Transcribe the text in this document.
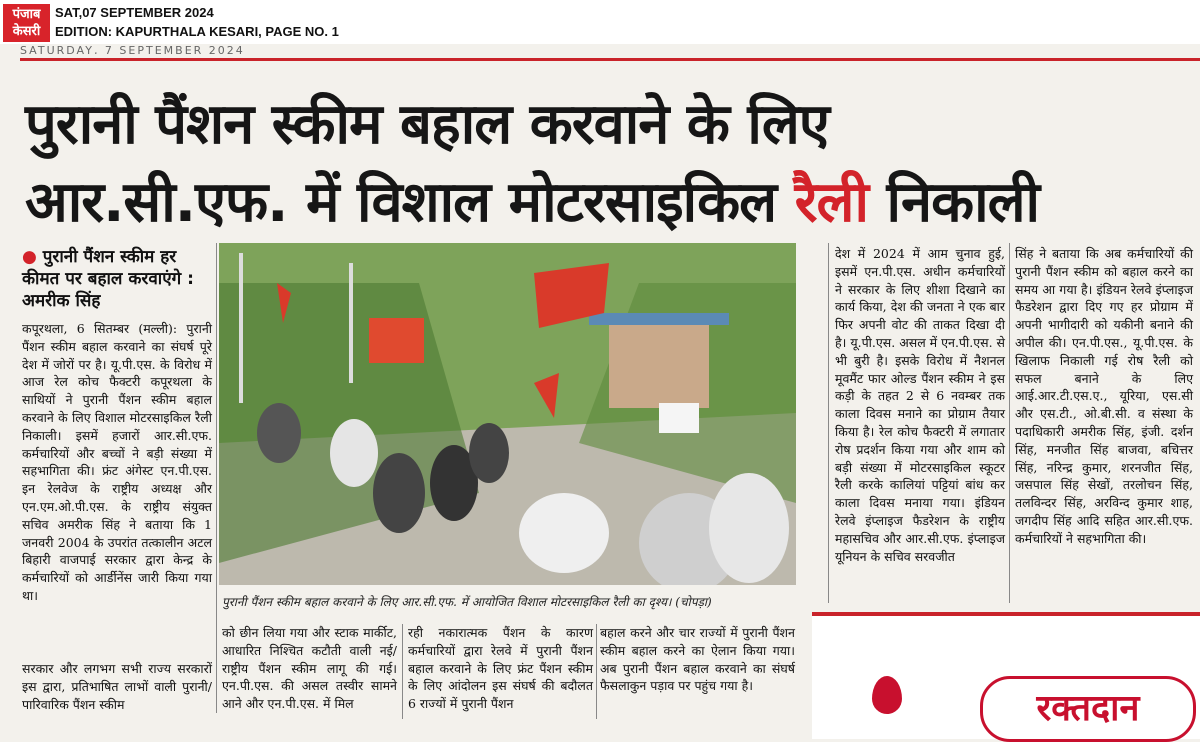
पंजाब
केसरी
SAT,07 SEPTEMBER 2024
EDITION: KAPURTHALA KESARI, PAGE NO. 1
SATURDAY, 7 SEPTEMBER 2024
पुरानी पैंशन स्कीम बहाल करवाने के लिए
आर.सी.एफ. में विशाल मोटरसाइकिल रैली निकाली
● पुरानी पैंशन स्कीम हर कीमत पर बहाल करवाएंगे : अमरीक सिंह
कपूरथला, 6 सितम्बर (मल्ली): पुरानी पैंशन स्कीम बहाल करवाने का संघर्ष पूरे देश में जोरों पर है। यू.पी.एस. के विरोध में आज रेल कोच फैक्टरी कपूरथला के साथियों ने पुरानी पैंशन स्कीम बहाल करवाने के लिए विशाल मोटरसाइकिल रैली निकाली। इसमें हजारों आर.सी.एफ. कर्मचारियों और बच्चों ने बड़ी संख्या में सहभागिता की। फ्रंट अंगेस्ट एन.पी.एस. इन रेलवेज के राष्ट्रीय अध्यक्ष और एन.एम.ओ.पी.एस. के राष्ट्रीय संयुक्त सचिव अमरीक सिंह ने बताया कि 1 जनवरी 2004 के उपरांत तत्कालीन अटल बिहारी वाजपाई सरकार द्वारा केन्द्र के कर्मचारियों को आर्डीनेंस जारी किया गया था।
सरकार और लगभग सभी राज्य सरकारों इस द्वारा, प्रतिभाषित लाभों वाली पुरानी/ पारिवारिक पैंशन स्कीम
पुरानी पैंशन स्कीम बहाल करवाने के लिए आर.सी.एफ. में आयोजित विशाल मोटरसाइकिल रैली का दृश्य। (चोपड़ा)
को छीन लिया गया और स्टाक मार्कीट, आधारित निश्चित कटौती वाली नई/राष्ट्रीय पैंशन स्कीम लागू की गई। एन.पी.एस. की असल तस्वीर सामने आने और एन.पी.एस. में मिल
रही नकारात्मक पैंशन के कारण कर्मचारियों द्वारा रेलवे में पुरानी पैंशन बहाल करवाने के लिए फ्रंट पैंशन स्कीम के लिए आंदोलन इस संघर्ष की बदौलत 6 राज्यों में पुरानी पैंशन
बहाल करने और चार राज्यों में पुरानी पैंशन स्कीम बहाल करने का ऐलान किया गया। अब पुरानी पैंशन बहाल करवाने का संघर्ष फैसलाकुन पड़ाव पर पहुंच गया है।
देश में 2024 में आम चुनाव हुई, इसमें एन.पी.एस. अधीन कर्मचारियों ने सरकार के लिए शीशा दिखाने का कार्य किया, देश की जनता ने एक बार फिर अपनी वोट की ताकत दिखा दी है। यू.पी.एस. असल में एन.पी.एस. से भी बुरी है। इसके विरोध में नैशनल मूवमैंट फार ओल्ड पैंशन स्कीम ने इस कड़ी के तहत 2 से 6 नवम्बर तक काला दिवस मनाने का प्रोग्राम तैयार किया है। रेल कोच फैक्टरी में लगातार रोष प्रदर्शन किया गया और शाम को बड़ी संख्या में मोटरसाइकिल स्कूटर रैली करके कालियां पट्टियां बांध कर काला दिवस मनाया गया। इंडियन रेलवे इंप्लाइज फैडरेशन के राष्ट्रीय महासचिव और आर.सी.एफ. इंप्लाइज यूनियन के सचिव सरवजीत
सिंह ने बताया कि अब कर्मचारियों की पुरानी पैंशन स्कीम को बहाल करने का समय आ गया है। इंडियन रेलवे इंप्लाइज फैडरेशन द्वारा दिए गए हर प्रोग्राम में अपनी भागीदारी को यकीनी बनाने की अपील की। एन.पी.एस., यू.पी.एस. के खिलाफ निकाली गई रोष रैली को सफल बनाने के लिए आई.आर.टी.एस.ए., यूरिया, एस.सी और एस.टी., ओ.बी.सी. व संस्था के पदाधिकारी अमरीक सिंह, इंजी. दर्शन सिंह, मनजीत सिंह बाजवा, बचित्तर सिंह, नरिन्द्र कुमार, शरनजीत सिंह, जसपाल सिंह सेखों, तरलोचन सिंह, तलविन्दर सिंह, अरविन्द कुमार शाह, जगदीप सिंह आदि सहित आर.सी.एफ. कर्मचारियों ने सहभागिता की।
रक्तदान
